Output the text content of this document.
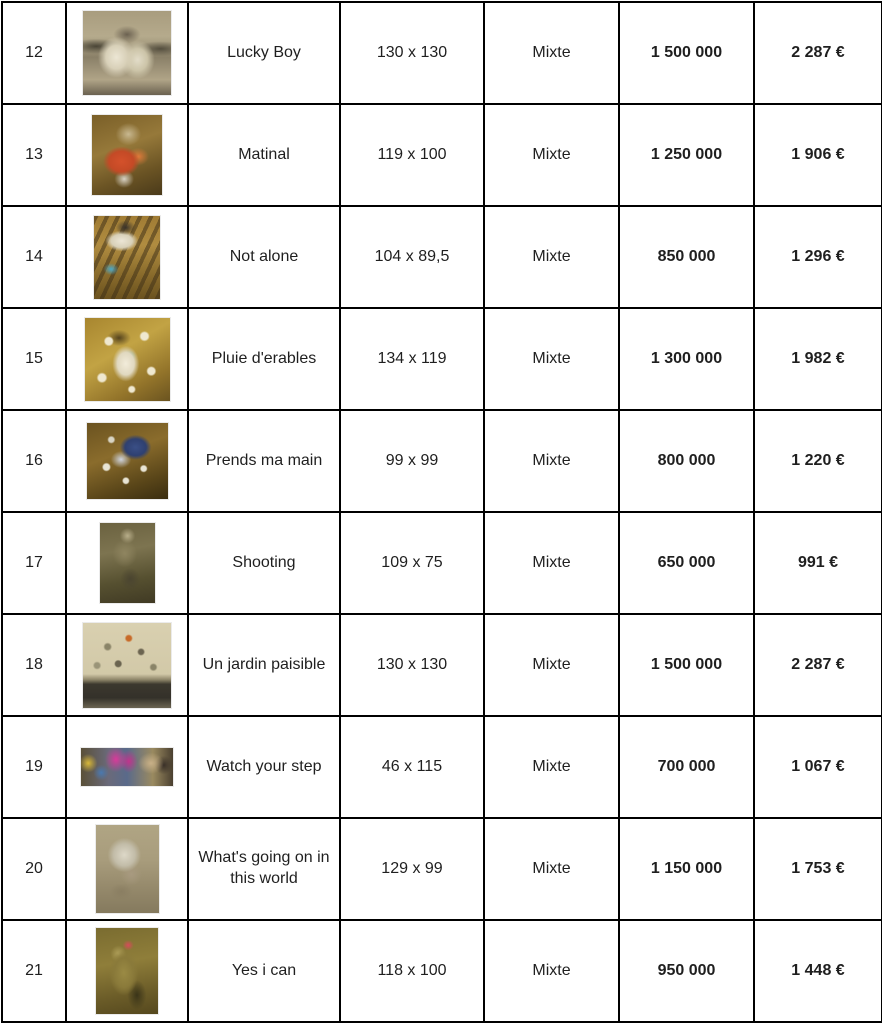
12		Lucky Boy	130 x 130	Mixte	1 500 000	2 287 €
13		Matinal	119 x 100	Mixte	1 250 000	1 906 €
14		Not alone	104 x 89,5	Mixte	850 000	1 296 €
15		Pluie d'erables	134 x 119	Mixte	1 300 000	1 982 €
16		Prends ma main	99 x 99	Mixte	800 000	1 220 €
17		Shooting	109 x 75	Mixte	650 000	991 €
18		Un jardin paisible	130 x 130	Mixte	1 500 000	2 287 €
19		Watch your step	46 x 115	Mixte	700 000	1 067 €
20		What's going on in this world	129 x 99	Mixte	1 150 000	1 753 €
21		Yes i can	118 x 100	Mixte	950 000	1 448 €
